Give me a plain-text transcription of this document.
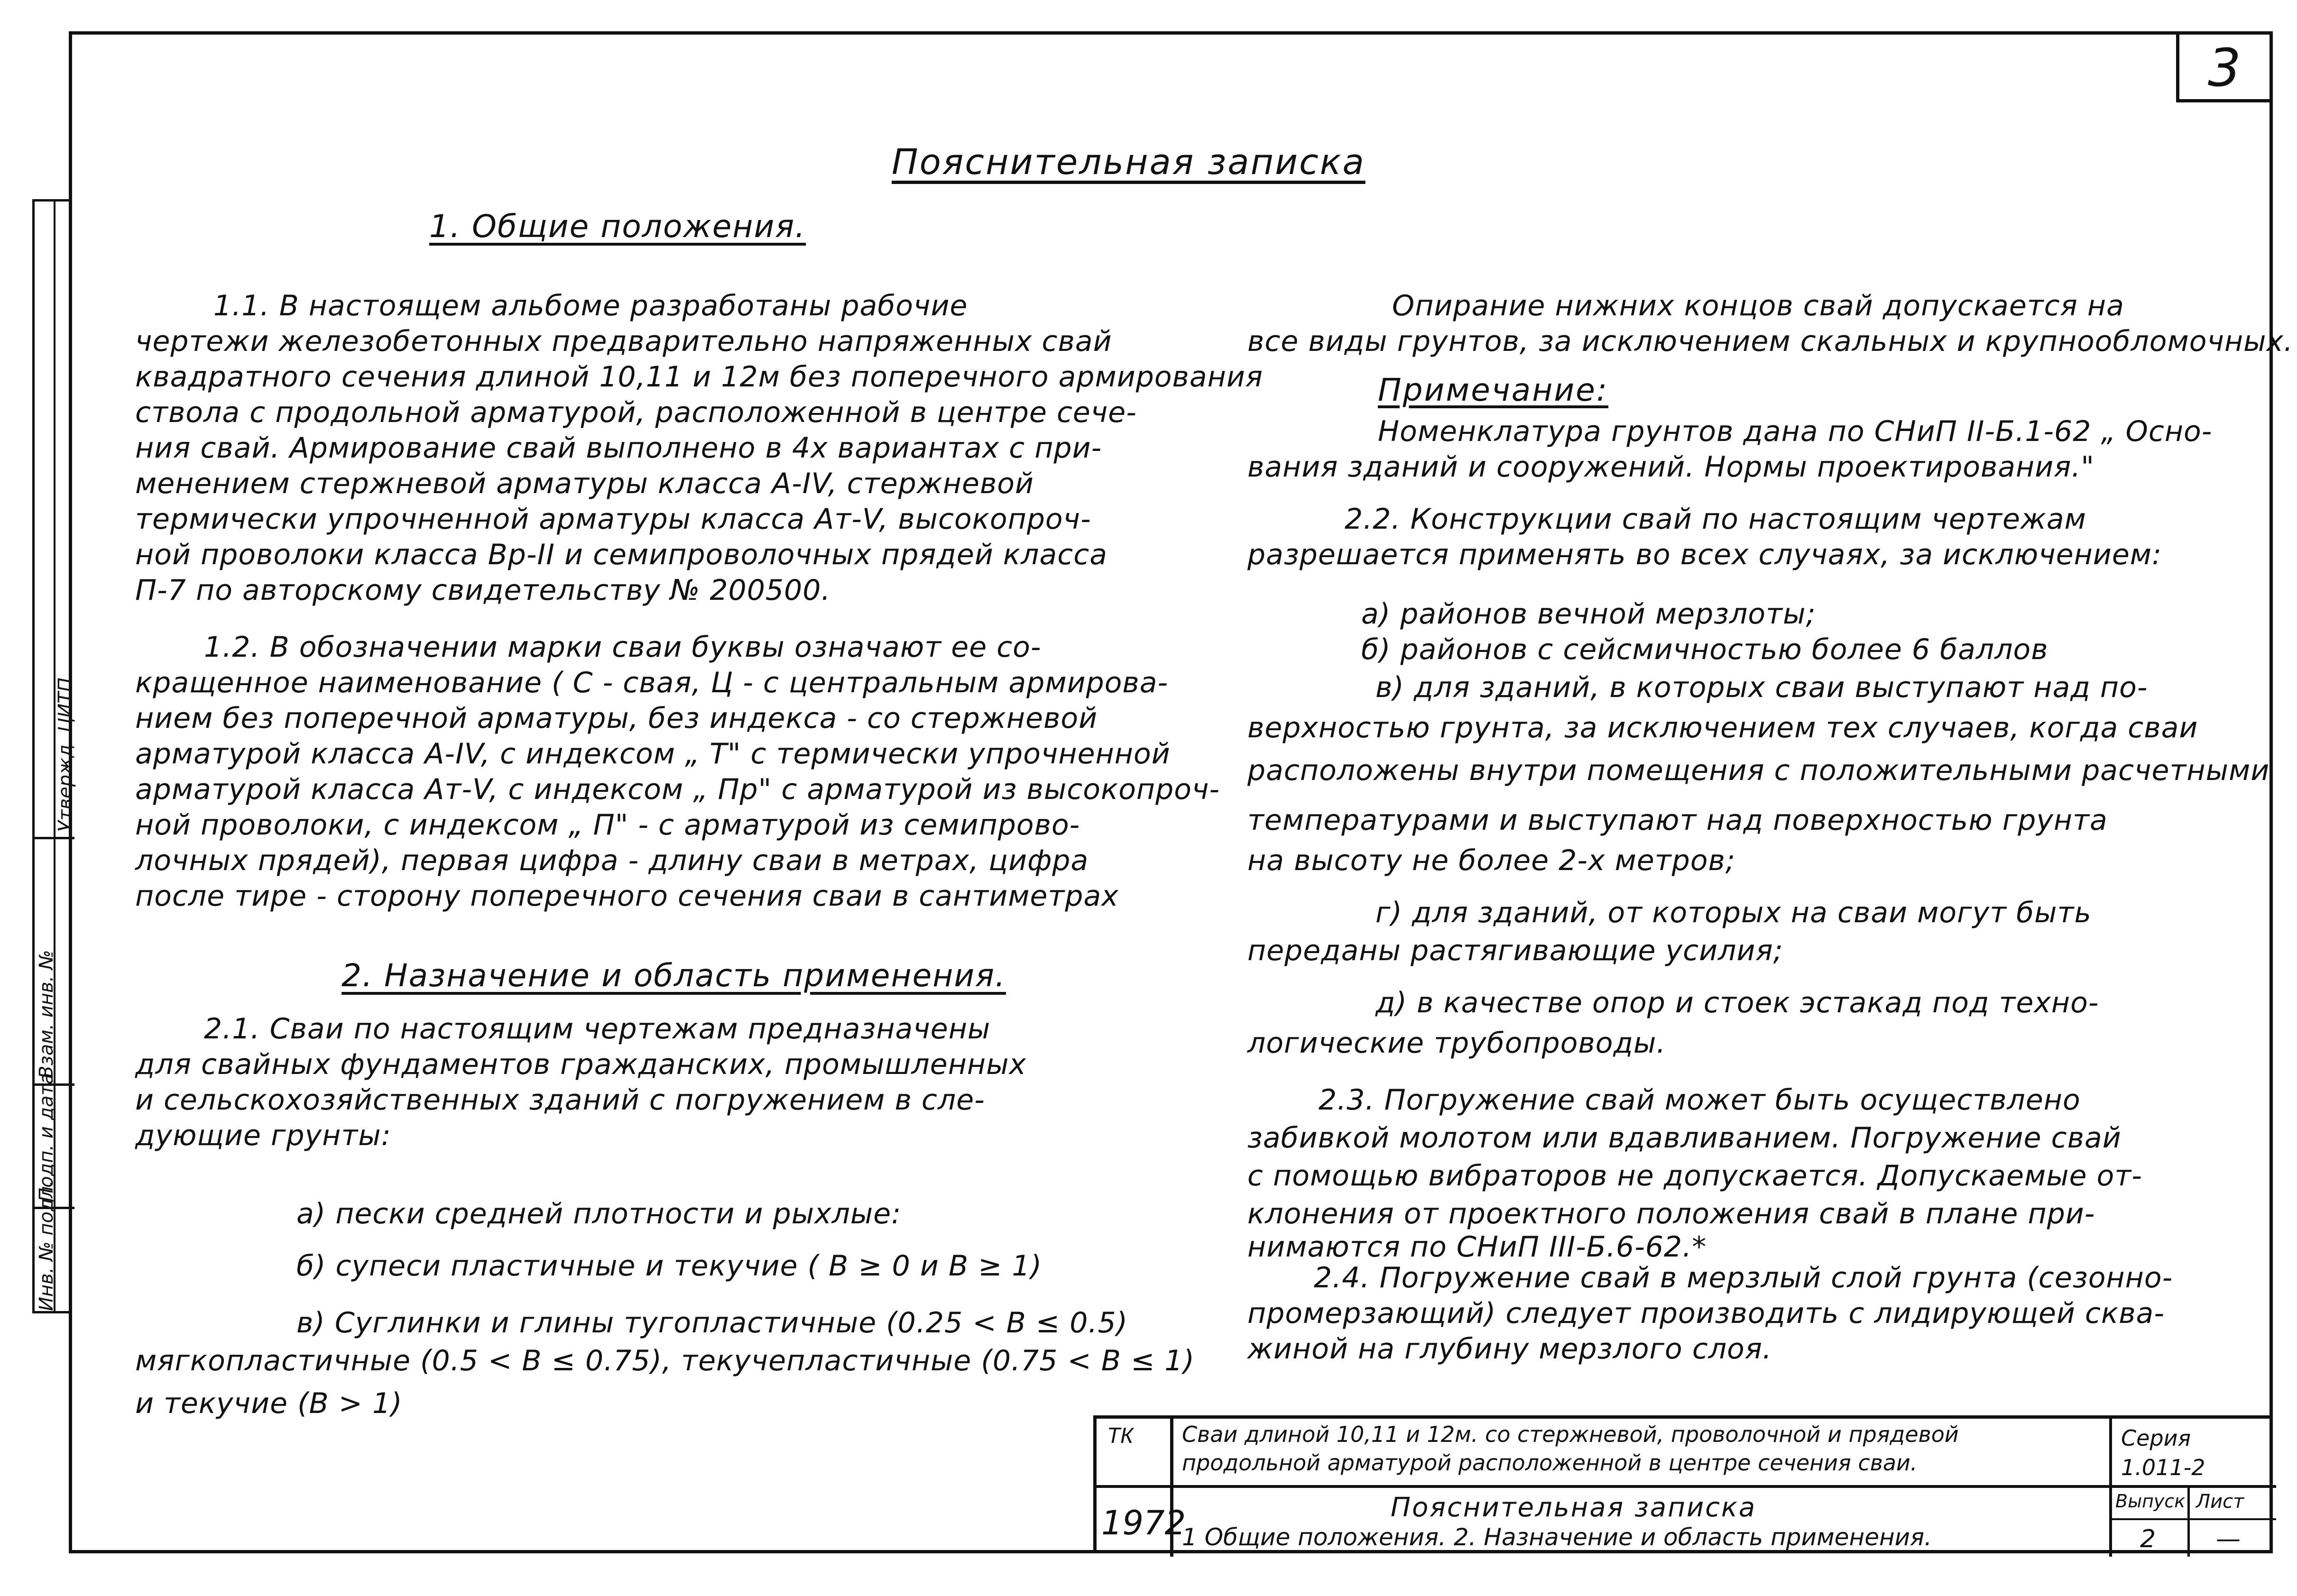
Инв. № подл.
Подп. и дата
Взам. инв. №
Утвержд. ЦИТП
3
Пояснительная записка
1. Общие положения.
2. Назначение и область применения.
1.1. В настоящем альбоме разработаны рабочие
чертежи железобетонных предварительно напряженных свай
квадратного сечения длиной 10,11 и 12м без поперечного армирования
ствола с продольной арматурой, расположенной в центре сече-
ния свай. Армирование свай выполнено в 4х вариантах с при-
менением стержневой арматуры класса А-IV, стержневой
термически упрочненной арматуры класса Ат-V, высокопроч-
ной проволоки класса Вр-II и семипроволочных прядей класса
П-7 по авторскому свидетельству № 200500.
1.2. В обозначении марки сваи буквы означают ее со-
кращенное наименование ( С - свая, Ц - с центральным армирова-
нием без поперечной арматуры, без индекса - со стержневой
арматурой класса А-IV, с индексом „ Т" с термически упрочненной
арматурой класса Ат-V, с индексом „ Пр" с арматурой из высокопроч-
ной проволоки, с индексом „ П" - с арматурой из семипрово-
лочных прядей), первая цифра - длину сваи в метрах, цифра
после тире - сторону поперечного сечения сваи в сантиметрах
2.1. Сваи по настоящим чертежам предназначены
для свайных фундаментов гражданских, промышленных
и сельскохозяйственных зданий с погружением в сле-
дующие грунты:
а) пески средней плотности и рыхлые:
б) супеси пластичные и текучие ( В ≥ 0 и В ≥ 1)
в) Суглинки и глины тугопластичные (0.25 < В ≤ 0.5)
мягкопластичные (0.5 < В ≤ 0.75), текучепластичные (0.75 < В ≤ 1)
и текучие (В > 1)
Опирание нижних концов свай допускается на
все виды грунтов, за исключением скальных и крупнообломочных.
Примечание:
Номенклатура грунтов дана по СНиП II-Б.1-62 „ Осно-
вания зданий и сооружений. Нормы проектирования."
2.2. Конструкции свай по настоящим чертежам
разрешается применять во всех случаях, за исключением:
а) районов вечной мерзлоты;
б) районов с сейсмичностью более 6 баллов
в) для зданий, в которых сваи выступают над по-
верхностью грунта, за исключением тех случаев, когда сваи
расположены внутри помещения с положительными расчетными
температурами и выступают над поверхностью грунта
на высоту не более 2-х метров;
г) для зданий, от которых на сваи могут быть
переданы растягивающие усилия;
д) в качестве опор и стоек эстакад под техно-
логические трубопроводы.
2.3. Погружение свай может быть осуществлено
забивкой молотом или вдавливанием. Погружение свай
с помощью вибраторов не допускается. Допускаемые от-
клонения от проектного положения свай в плане при-
нимаются по СНиП III-Б.6-62.*
2.4. Погружение свай в мерзлый слой грунта (сезонно-
промерзающий) следует производить с лидирующей сква-
жиной на глубину мерзлого слоя.
ТК
1972
Сваи длиной 10,11 и 12м. со стержневой, проволочной и прядевой
продольной арматурой расположенной в центре сечения сваи.
Серия
1.011-2
Пояснительная записка
1 Общие положения. 2. Назначение и область применения.
Выпуск Лист
2 —
